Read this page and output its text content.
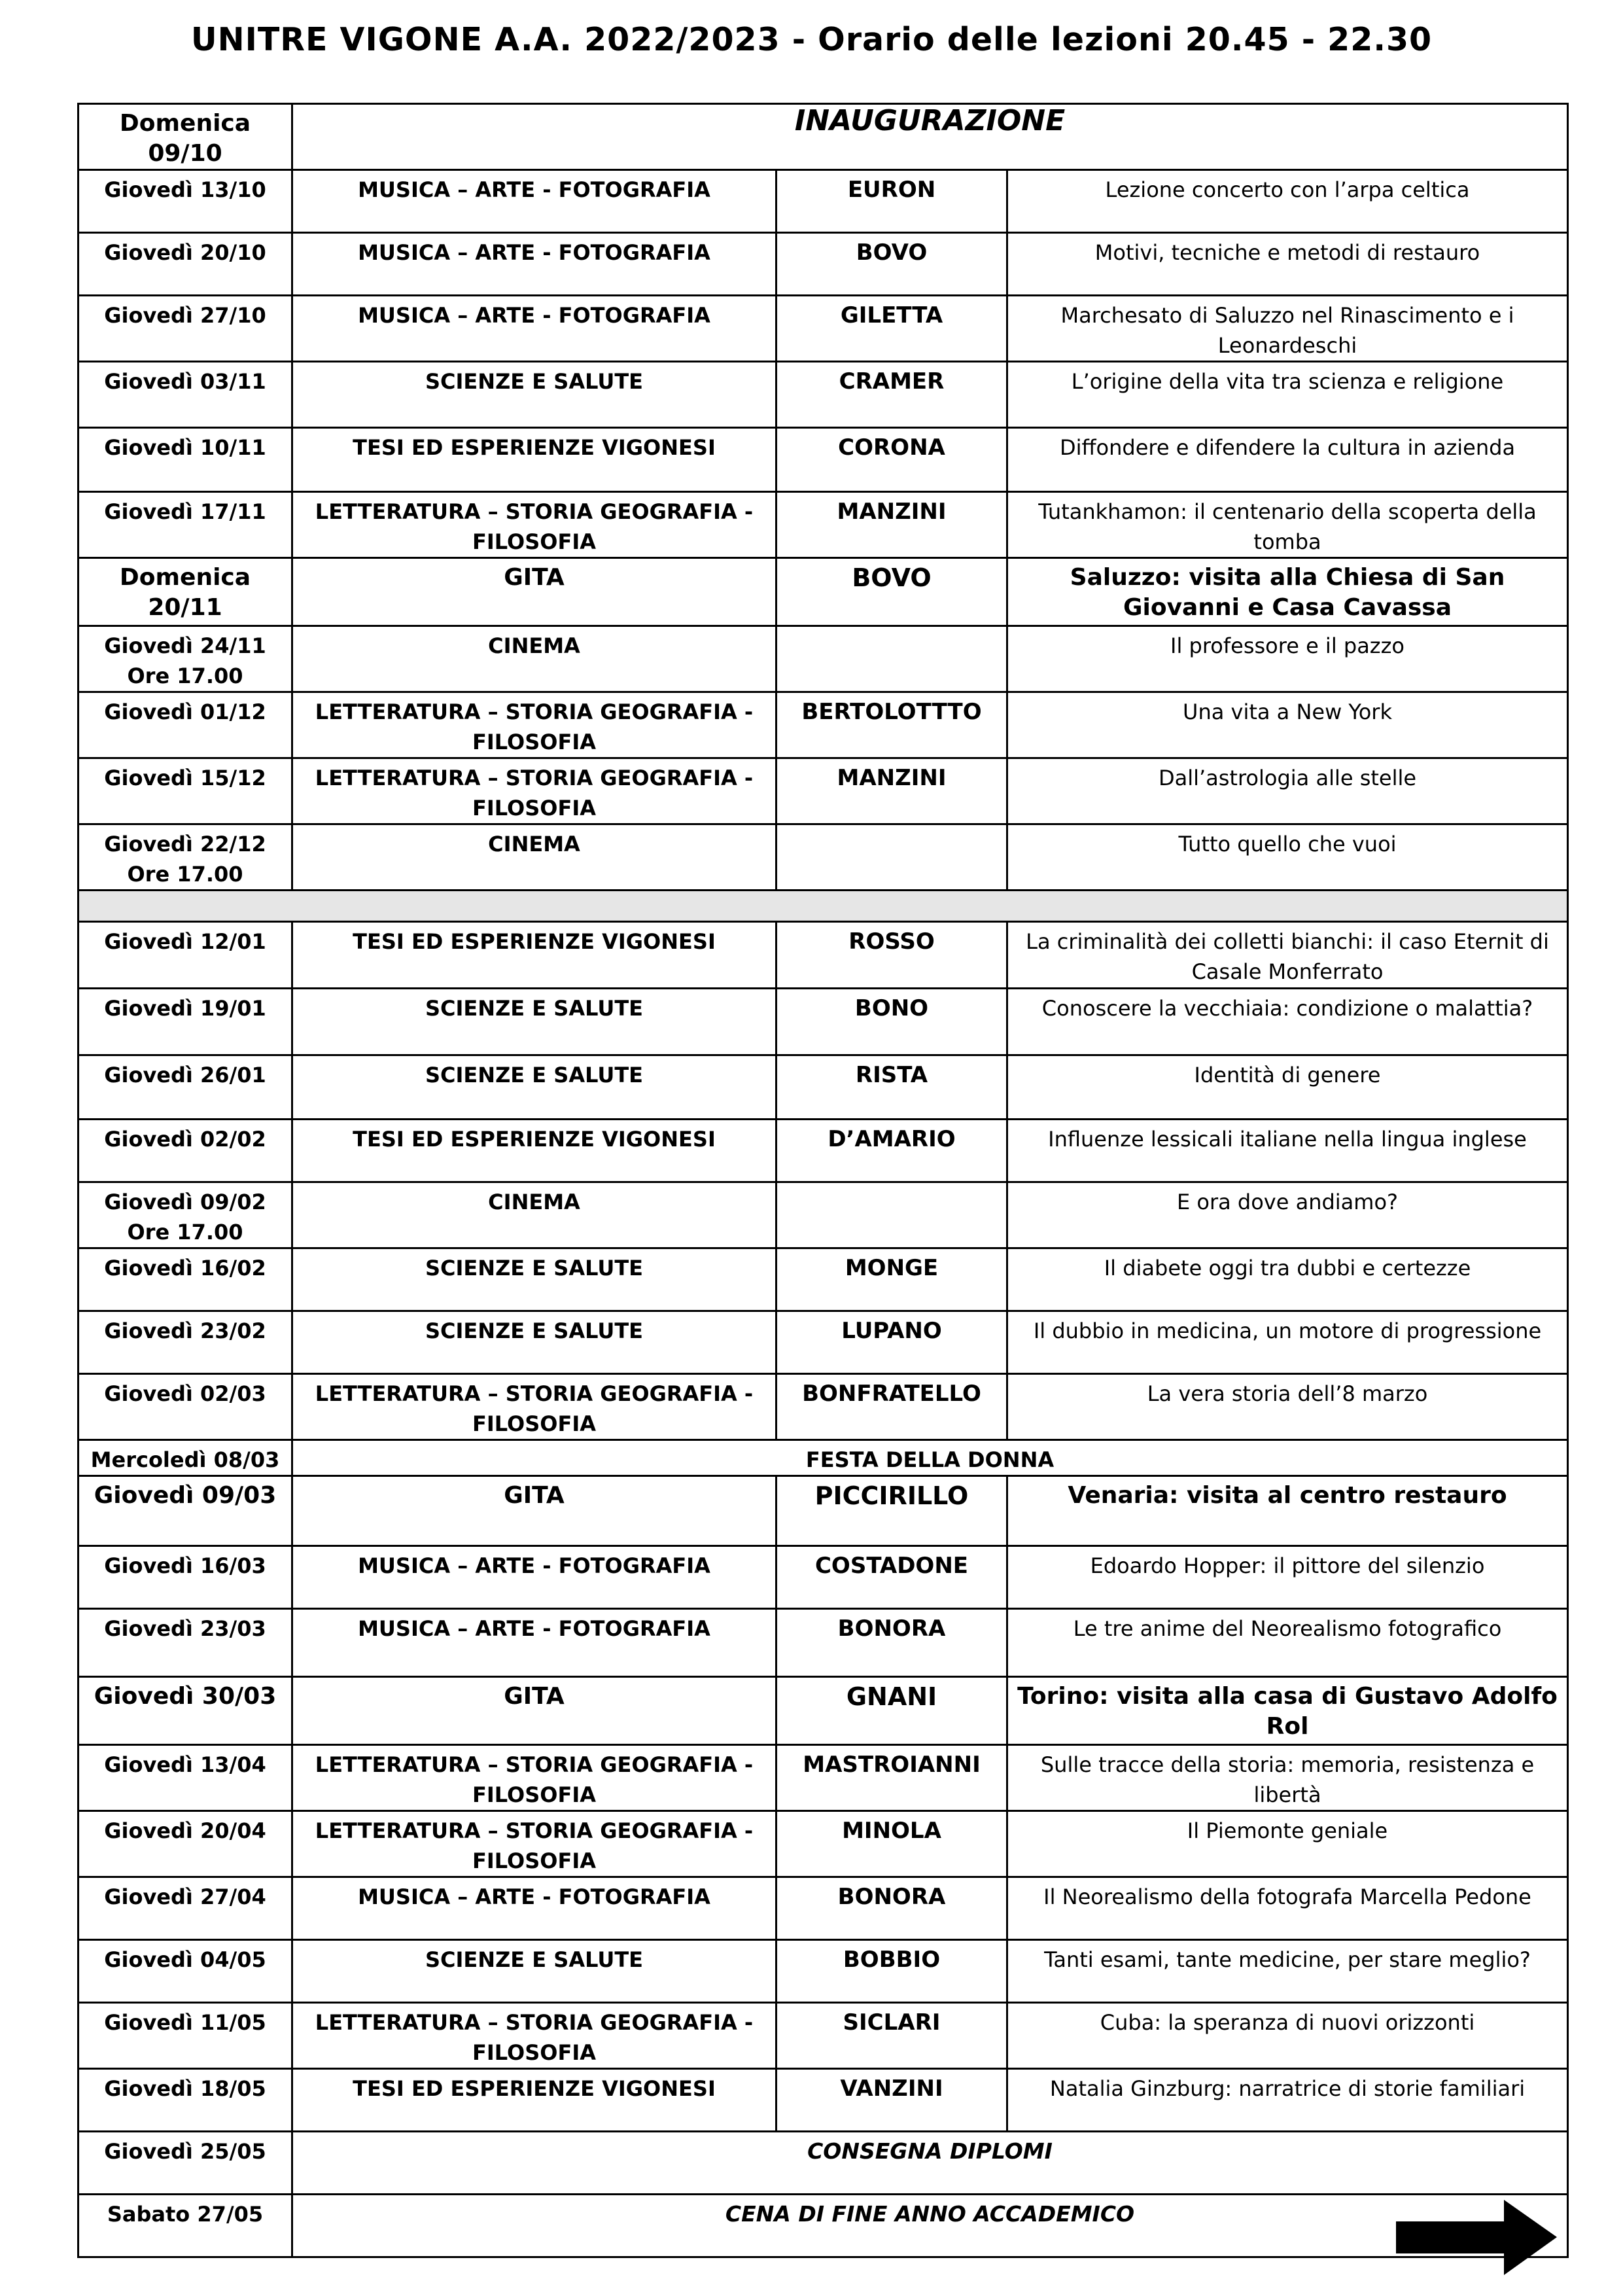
UNITRE VIGONE A.A. 2022/2023 - Orario delle lezioni 20.45 - 22.30
Domenica 09/10	INAUGURAZIONE		
Giovedì 13/10	MUSICA – ARTE - FOTOGRAFIA	EURON	Lezione concerto con l’arpa celtica
Giovedì 20/10	MUSICA – ARTE - FOTOGRAFIA	BOVO	Motivi, tecniche e metodi di restauro
Giovedì 27/10	MUSICA – ARTE - FOTOGRAFIA	GILETTA	Marchesato di Saluzzo nel Rinascimento e i Leonardeschi
Giovedì 03/11	SCIENZE E SALUTE	CRAMER	L’origine della vita tra scienza e religione
Giovedì 10/11	TESI ED ESPERIENZE VIGONESI	CORONA	Diffondere e difendere la cultura in azienda
Giovedì 17/11	LETTERATURA – STORIA GEOGRAFIA - FILOSOFIA	MANZINI	Tutankhamon: il centenario della scoperta della tomba
Domenica 20/11	GITA	BOVO	Saluzzo: visita alla Chiesa di San Giovanni e Casa Cavassa
Giovedì 24/11 Ore 17.00	CINEMA		Il professore e il pazzo
Giovedì 01/12	LETTERATURA – STORIA GEOGRAFIA - FILOSOFIA	BERTOLOTTTO	Una vita a New York
Giovedì 15/12	LETTERATURA – STORIA GEOGRAFIA - FILOSOFIA	MANZINI	Dall’astrologia alle stelle
Giovedì 22/12 Ore 17.00	CINEMA		Tutto quello che vuoi

Giovedì 12/01	TESI ED ESPERIENZE VIGONESI	ROSSO	La criminalità dei colletti bianchi: il caso Eternit di Casale Monferrato
Giovedì 19/01	SCIENZE E SALUTE	BONO	Conoscere la vecchiaia: condizione o malattia?
Giovedì 26/01	SCIENZE E SALUTE	RISTA	Identità di genere
Giovedì 02/02	TESI ED ESPERIENZE VIGONESI	D’AMARIO	Influenze lessicali italiane nella lingua inglese
Giovedì 09/02 Ore 17.00	CINEMA		E ora dove andiamo?
Giovedì 16/02	SCIENZE E SALUTE	MONGE	Il diabete oggi tra dubbi e certezze
Giovedì 23/02	SCIENZE E SALUTE	LUPANO	Il dubbio in medicina, un motore di progressione
Giovedì 02/03	LETTERATURA – STORIA GEOGRAFIA - FILOSOFIA	BONFRATELLO	La vera storia dell’8 marzo
Mercoledì 08/03	FESTA DELLA DONNA		
Giovedì 09/03	GITA	PICCIRILLO	Venaria: visita al centro restauro
Giovedì 16/03	MUSICA – ARTE - FOTOGRAFIA	COSTADONE	Edoardo Hopper: il pittore del silenzio
Giovedì 23/03	MUSICA – ARTE - FOTOGRAFIA	BONORA	Le tre anime del Neorealismo fotografico
Giovedì 30/03	GITA	GNANI	Torino: visita alla casa di Gustavo Adolfo Rol
Giovedì 13/04	LETTERATURA – STORIA GEOGRAFIA - FILOSOFIA	MASTROIANNI	Sulle tracce della storia: memoria, resistenza e libertà
Giovedì 20/04	LETTERATURA – STORIA GEOGRAFIA - FILOSOFIA	MINOLA	Il Piemonte geniale
Giovedì 27/04	MUSICA – ARTE - FOTOGRAFIA	BONORA	Il Neorealismo della fotografa Marcella Pedone
Giovedì 04/05	SCIENZE E SALUTE	BOBBIO	Tanti esami, tante medicine, per stare meglio?
Giovedì 11/05	LETTERATURA – STORIA GEOGRAFIA - FILOSOFIA	SICLARI	Cuba: la speranza di nuovi orizzonti
Giovedì 18/05	TESI ED ESPERIENZE VIGONESI	VANZINI	Natalia Ginzburg: narratrice di storie familiari
Giovedì 25/05	CONSEGNA DIPLOMI		
Sabato 27/05	CENA DI FINE ANNO ACCADEMICO		
